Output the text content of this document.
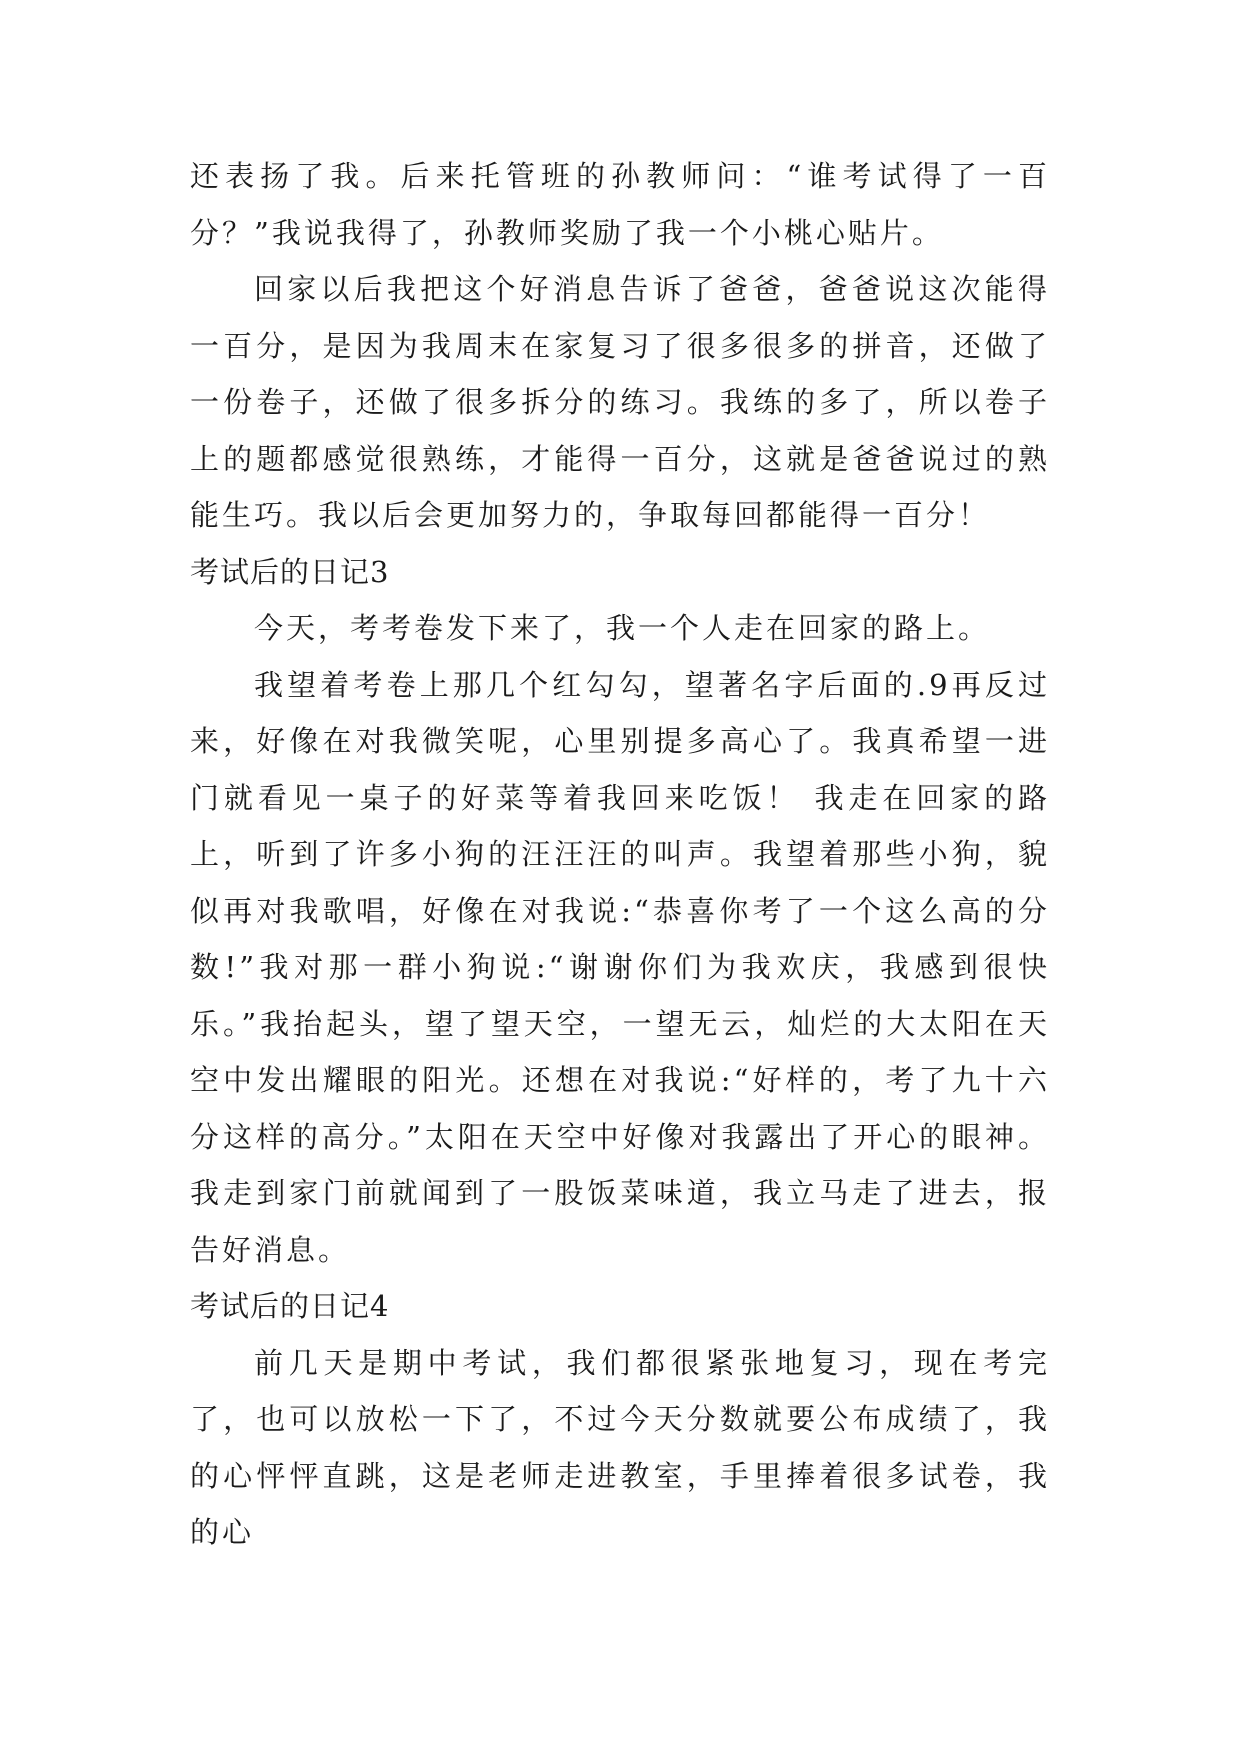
还表扬了我。后来托管班的孙教师问：“谁考试得了一百分？”我说我得了，孙教师奖励了我一个小桃心贴片。

回家以后我把这个好消息告诉了爸爸，爸爸说这次能得一百分，是因为我周末在家复习了很多很多的拼音，还做了一份卷子，还做了很多拆分的练习。我练的多了，所以卷子上的题都感觉很熟练，才能得一百分，这就是爸爸说过的熟能生巧。我以后会更加努力的，争取每回都能得一百分！

考试后的日记3

今天，考考卷发下来了，我一个人走在回家的路上。

我望着考卷上那几个红勾勾，望著名字后面的.9再反过来，好像在对我微笑呢，心里别提多高心了。我真希望一进门就看见一桌子的好菜等着我回来吃饭！ 我走在回家的路上，听到了许多小狗的汪汪汪的叫声。我望着那些小狗，貌似再对我歌唱，好像在对我说:“恭喜你考了一个这么高的分数!”我对那一群小狗说:“谢谢你们为我欢庆，我感到很快乐。”我抬起头，望了望天空，一望无云，灿烂的大太阳在天空中发出耀眼的阳光。还想在对我说:“好样的，考了九十六分这样的高分。”太阳在天空中好像对我露出了开心的眼神。 我走到家门前就闻到了一股饭菜味道，我立马走了进去，报告好消息。

考试后的日记4

前几天是期中考试，我们都很紧张地复习，现在考完了，也可以放松一下了，不过今天分数就要公布成绩了，我的心怦怦直跳，这是老师走进教室，手里捧着很多试卷，我的心
